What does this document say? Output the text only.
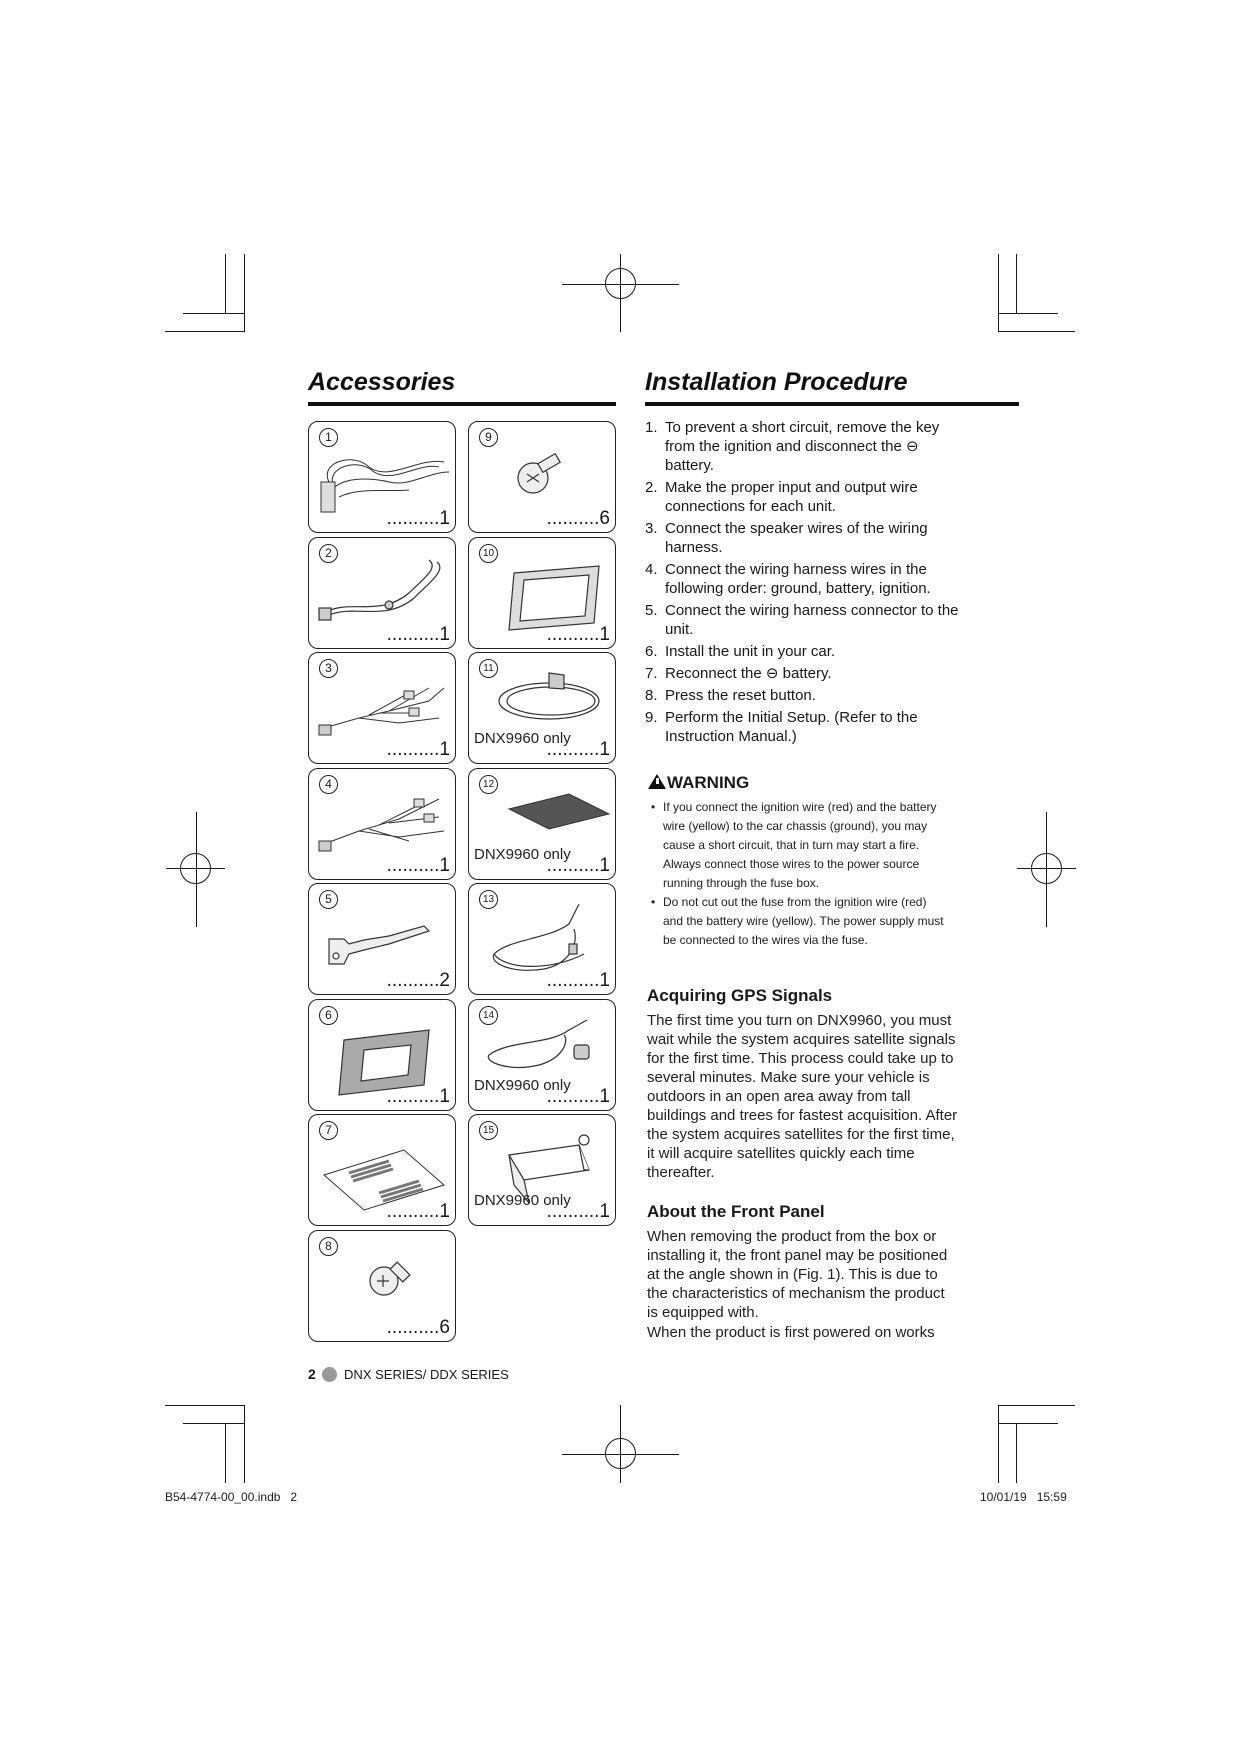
Accessories
1
..........1
2
..........1
3
..........1
4
..........1
5
..........2
6
..........1
7
..........1
8
..........6
9
..........6
10
..........1
11
DNX9960 only
..........1
12
DNX9960 only
..........1
13
..........1
14
DNX9960 only
..........1
15
DNX9960 only
..........1
Installation Procedure
1. To prevent a short circuit, remove the key from the ignition and disconnect the ⊖ battery.
2. Make the proper input and output wire connections for each unit.
3. Connect the speaker wires of the wiring harness.
4. Connect the wiring harness wires in the following order: ground, battery, ignition.
5. Connect the wiring harness connector to the unit.
6. Install the unit in your car.
7. Reconnect the ⊖ battery.
8. Press the reset button.
9. Perform the Initial Setup. (Refer to the Instruction Manual.)
WARNING
• If you connect the ignition wire (red) and the battery wire (yellow) to the car chassis (ground), you may cause a short circuit, that in turn may start a fire. Always connect those wires to the power source running through the fuse box.
• Do not cut out the fuse from the ignition wire (red) and the battery wire (yellow). The power supply must be connected to the wires via the fuse.
Acquiring GPS Signals
The first time you turn on DNX9960, you must wait while the system acquires satellite signals for the first time. This process could take up to several minutes. Make sure your vehicle is outdoors in an open area away from tall buildings and trees for fastest acquisition. After the system acquires satellites for the first time, it will acquire satellites quickly each time thereafter.
About the Front Panel
When removing the product from the box or installing it, the front panel may be positioned at the angle shown in (Fig. 1). This is due to the characteristics of mechanism the product is equipped with.
When the product is first powered on works
2 DNX SERIES/ DDX SERIES
B54-4774-00_00.indb   2	10/01/19   15:59
